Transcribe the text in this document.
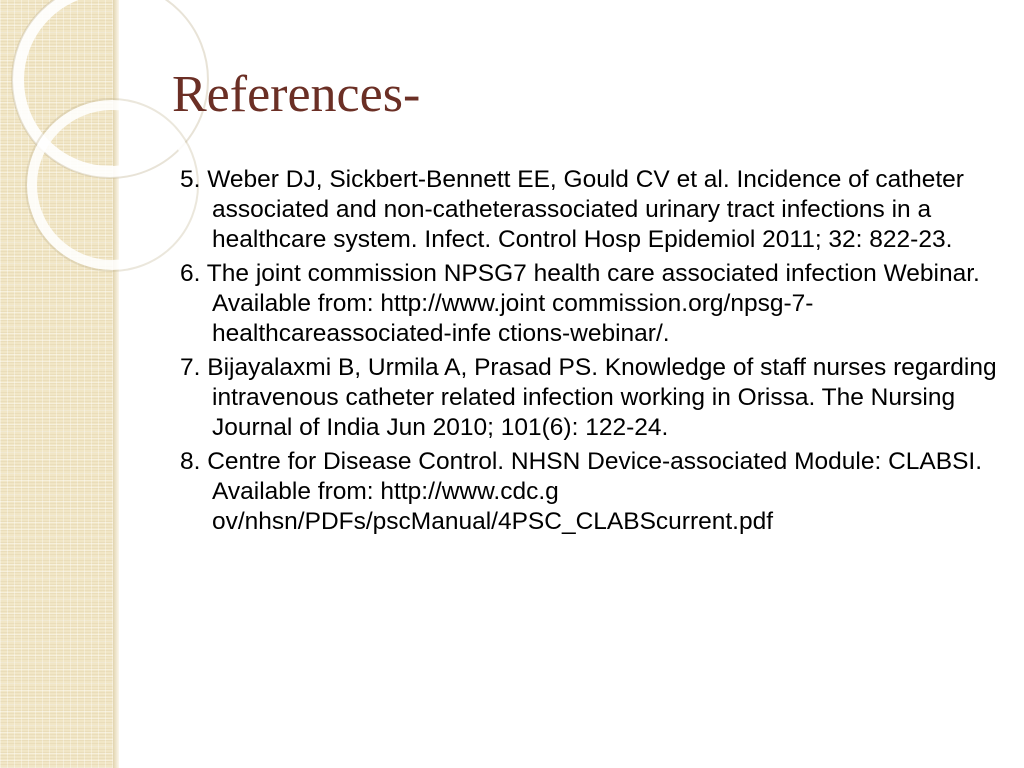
References-
5. Weber DJ, Sickbert-Bennett EE, Gould CV et al. Incidence of catheter associated and non-catheterassociated urinary tract infections in a healthcare system. Infect. Control Hosp Epidemiol 2011; 32: 822-23.
6. The joint commission NPSG7 health care associated infection Webinar. Available from: http://www.joint commission.org/npsg-7-healthcareassociated-infe ctions-webinar/.
7. Bijayalaxmi B, Urmila A, Prasad PS. Knowledge of staff nurses regarding intravenous catheter related infection working in Orissa. The Nursing Journal of India Jun 2010; 101(6): 122-24.
8. Centre for Disease Control. NHSN Device-associated Module: CLABSI. Available from: http://www.cdc.g ov/nhsn/PDFs/pscManual/4PSC_CLABScurrent.pdf
